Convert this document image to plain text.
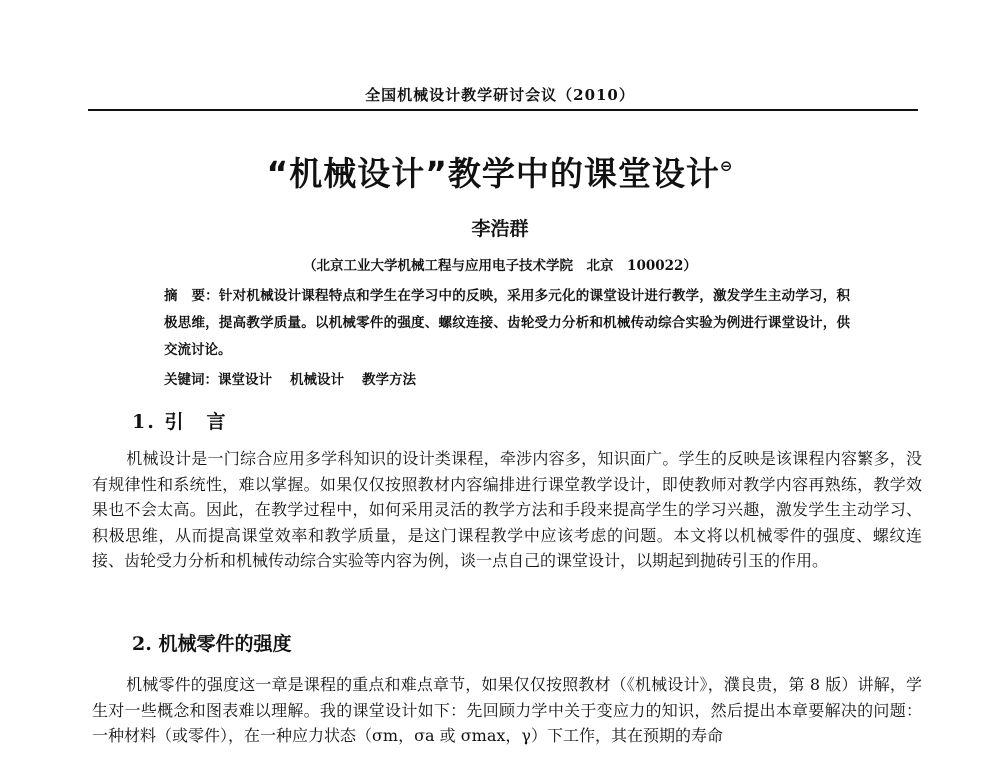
全国机械设计教学研讨会议（2010）
“机械设计”教学中的课堂设计⊖
李浩群
（北京工业大学机械工程与应用电子技术学院　北京　100022）
摘　要：针对机械设计课程特点和学生在学习中的反映，采用多元化的课堂设计进行教学，激发学生主动学习，积极思维，提高教学质量。以机械零件的强度、螺纹连接、齿轮受力分析和机械传动综合实验为例进行课堂设计，供交流讨论。
关键词：课堂设计 机械设计 教学方法
1. 引　言
机械设计是一门综合应用多学科知识的设计类课程，牵涉内容多，知识面广。学生的反映是该课程内容繁多，没有规律性和系统性，难以掌握。如果仅仅按照教材内容编排进行课堂教学设计，即使教师对教学内容再熟练，教学效果也不会太高。因此，在教学过程中，如何采用灵活的教学方法和手段来提高学生的学习兴趣，激发学生主动学习、积极思维，从而提高课堂效率和教学质量，是这门课程教学中应该考虑的问题。本文将以机械零件的强度、螺纹连接、齿轮受力分析和机械传动综合实验等内容为例，谈一点自己的课堂设计，以期起到抛砖引玉的作用。
2. 机械零件的强度
机械零件的强度这一章是课程的重点和难点章节，如果仅仅按照教材（《机械设计》，濮良贵，第 8 版）讲解，学生对一些概念和图表难以理解。我的课堂设计如下：先回顾力学中关于变应力的知识，然后提出本章要解决的问题：一种材料（或零件），在一种应力状态（σm，σa 或 σmax，γ）下工作，其在预期的寿命
